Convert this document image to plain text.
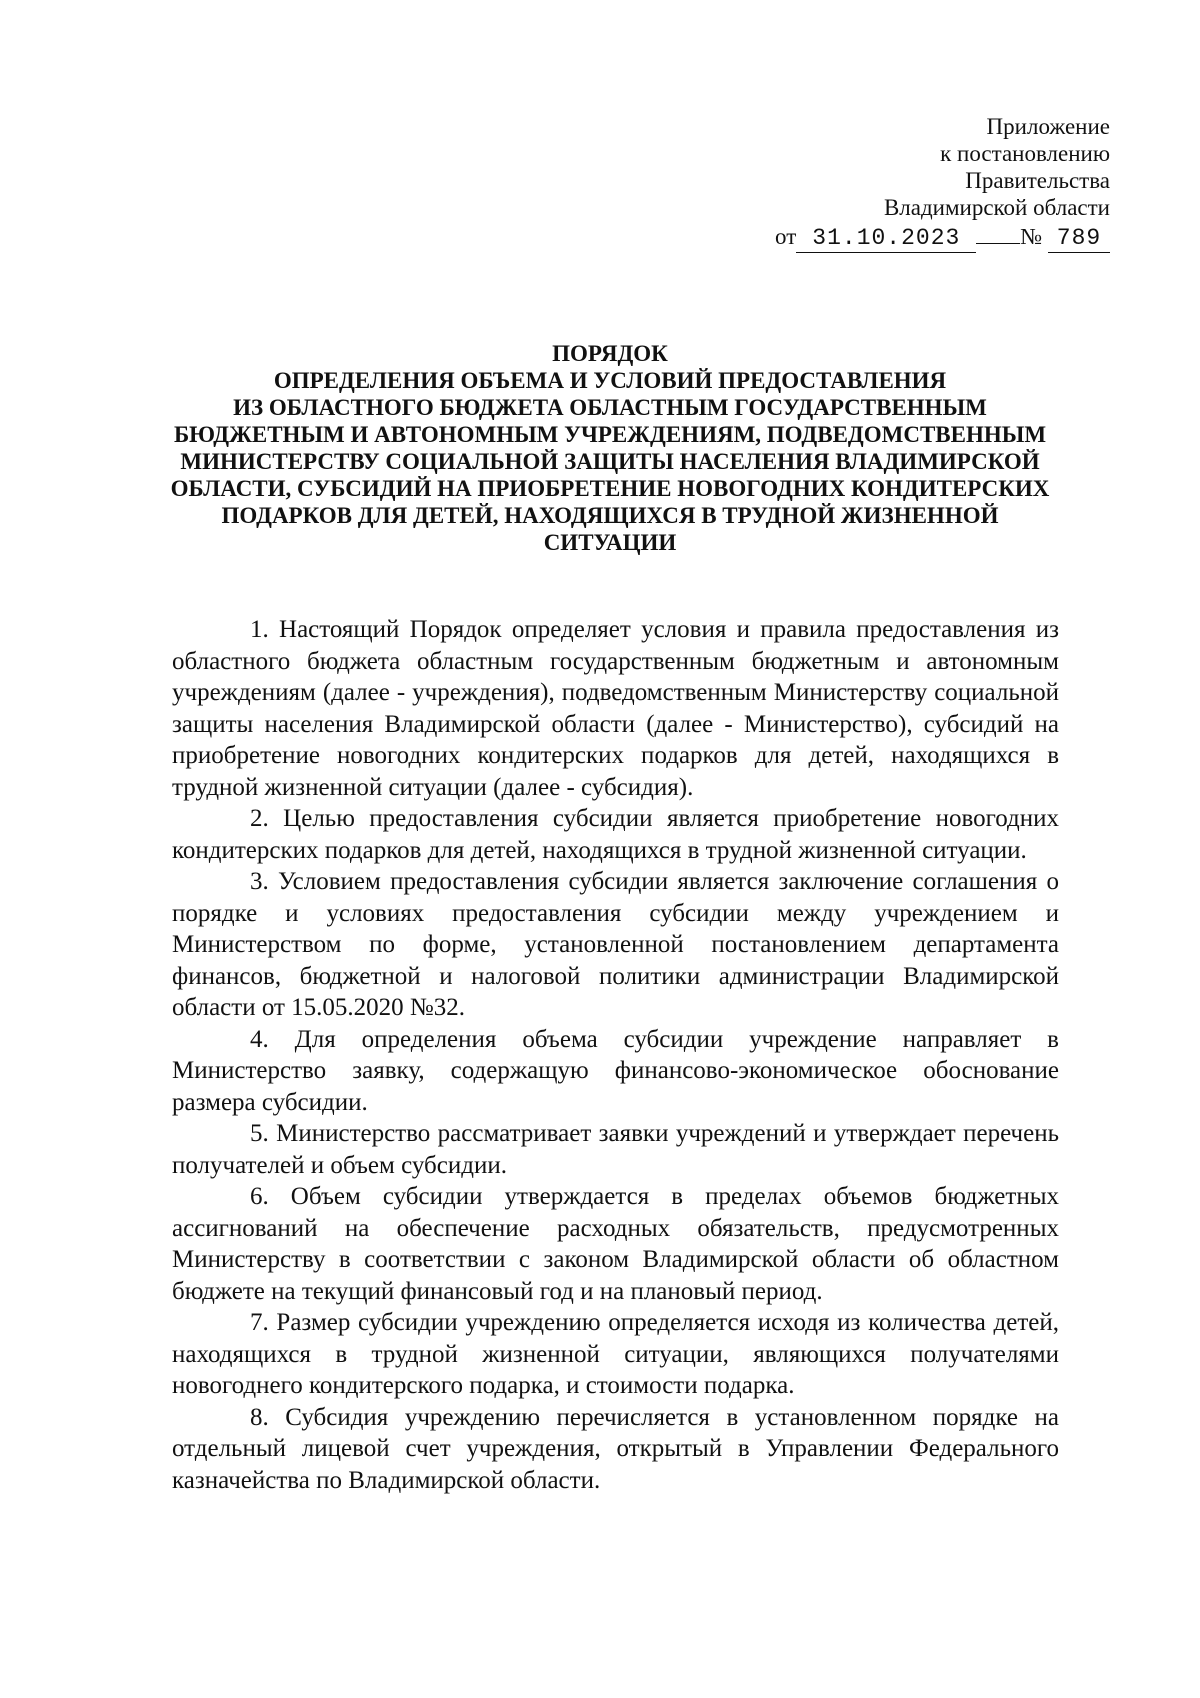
Приложение
к постановлению
Правительства
Владимирской области
от 31.10.2023	№ 789
ПОРЯДОК
ОПРЕДЕЛЕНИЯ ОБЪЕМА И УСЛОВИЙ ПРЕДОСТАВЛЕНИЯ
ИЗ ОБЛАСТНОГО БЮДЖЕТА ОБЛАСТНЫМ ГОСУДАРСТВЕННЫМ
БЮДЖЕТНЫМ И АВТОНОМНЫМ УЧРЕЖДЕНИЯМ, ПОДВЕДОМСТВЕННЫМ
МИНИСТЕРСТВУ СОЦИАЛЬНОЙ ЗАЩИТЫ НАСЕЛЕНИЯ ВЛАДИМИРСКОЙ
ОБЛАСТИ, СУБСИДИЙ НА ПРИОБРЕТЕНИЕ НОВОГОДНИХ КОНДИТЕРСКИХ
ПОДАРКОВ ДЛЯ ДЕТЕЙ, НАХОДЯЩИХСЯ В ТРУДНОЙ ЖИЗНЕННОЙ
СИТУАЦИИ

1. Настоящий Порядок определяет условия и правила предоставления из областного бюджета областным государственным бюджетным и автономным учреждениям (далее - учреждения), подведомственным Министерству социальной защиты населения Владимирской области (далее - Министерство), субсидий на приобретение новогодних кондитерских подарков для детей, находящихся в трудной жизненной ситуации (далее - субсидия).

2. Целью предоставления субсидии является приобретение новогодних кондитерских подарков для детей, находящихся в трудной жизненной ситуации.

3. Условием предоставления субсидии является заключение соглашения о порядке и условиях предоставления субсидии между учреждением и Министерством по форме, установленной постановлением департамента финансов, бюджетной и налоговой политики администрации Владимирской области от 15.05.2020 №32.

4. Для определения объема субсидии учреждение направляет в Министерство заявку, содержащую финансово-экономическое обоснование размера субсидии.

5. Министерство рассматривает заявки учреждений и утверждает перечень получателей и объем субсидии.

6. Объем субсидии утверждается в пределах объемов бюджетных ассигнований на обеспечение расходных обязательств, предусмотренных Министерству в соответствии с законом Владимирской области об областном бюджете на текущий финансовый год и на плановый период.

7. Размер субсидии учреждению определяется исходя из количества детей, находящихся в трудной жизненной ситуации, являющихся получателями новогоднего кондитерского подарка, и стоимости подарка.

8. Субсидия учреждению перечисляется в установленном порядке на отдельный лицевой счет учреждения, открытый в Управлении Федерального казначейства по Владимирской области.
